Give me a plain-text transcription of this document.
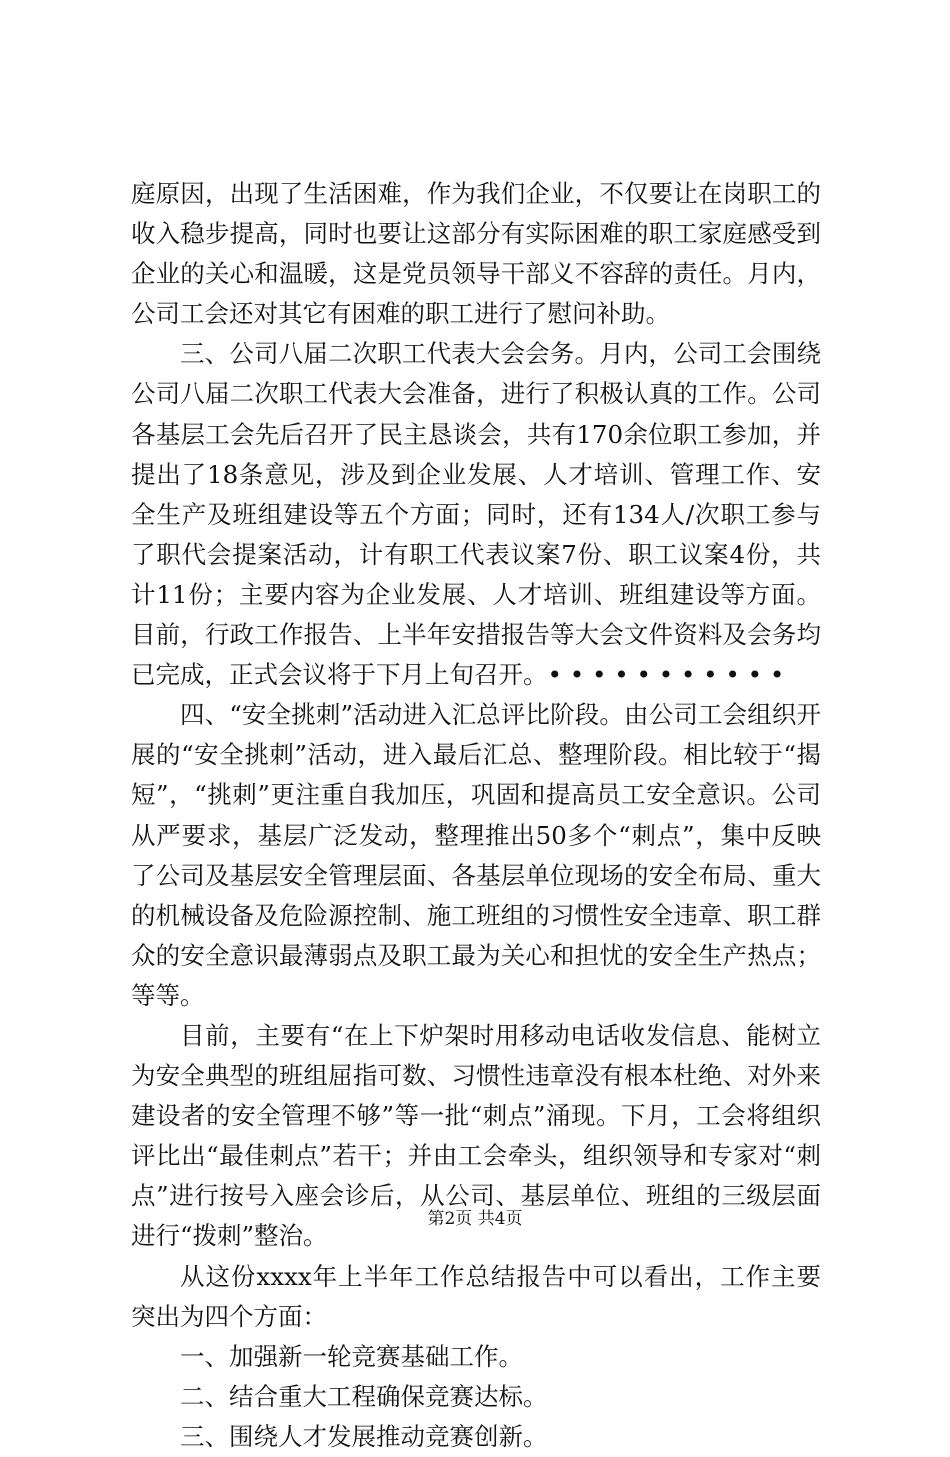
庭原因，出现了生活困难，作为我们企业，不仅要让在岗职工的收入稳步提高，同时也要让这部分有实际困难的职工家庭感受到企业的关心和温暖，这是党员领导干部义不容辞的责任。月内，公司工会还对其它有困难的职工进行了慰问补助。

三、公司八届二次职工代表大会会务。月内，公司工会围绕公司八届二次职工代表大会准备，进行了积极认真的工作。公司各基层工会先后召开了民主恳谈会，共有170余位职工参加，并提出了18条意见，涉及到企业发展、人才培训、管理工作、安全生产及班组建设等五个方面；同时，还有134人/次职工参与了职代会提案活动，计有职工代表议案7份、职工议案4份，共计11份；主要内容为企业发展、人才培训、班组建设等方面。目前，行政工作报告、上半年安措报告等大会文件资料及会务均已完成，正式会议将于下月上旬召开。• • • • • • • • • • •

四、“安全挑刺”活动进入汇总评比阶段。由公司工会组织开展的“安全挑刺”活动，进入最后汇总、整理阶段。相比较于“揭短”，“挑刺”更注重自我加压，巩固和提高员工安全意识。公司从严要求，基层广泛发动，整理推出50多个“刺点”，集中反映了公司及基层安全管理层面、各基层单位现场的安全布局、重大的机械设备及危险源控制、施工班组的习惯性安全违章、职工群众的安全意识最薄弱点及职工最为关心和担忧的安全生产热点；等等。

目前，主要有“在上下炉架时用移动电话收发信息、能树立为安全典型的班组屈指可数、习惯性违章没有根本杜绝、对外来建设者的安全管理不够”等一批“刺点”涌现。下月，工会将组织评比出“最佳刺点”若干；并由工会牵头，组织领导和专家对“刺点”进行按号入座会诊后，从公司、基层单位、班组的三级层面进行“拨刺”整治。

从这份xxxx年上半年工作总结报告中可以看出，工作主要突出为四个方面：

一、加强新一轮竞赛基础工作。

二、结合重大工程确保竞赛达标。

三、围绕人才发展推动竞赛创新。

第2页 共4页
